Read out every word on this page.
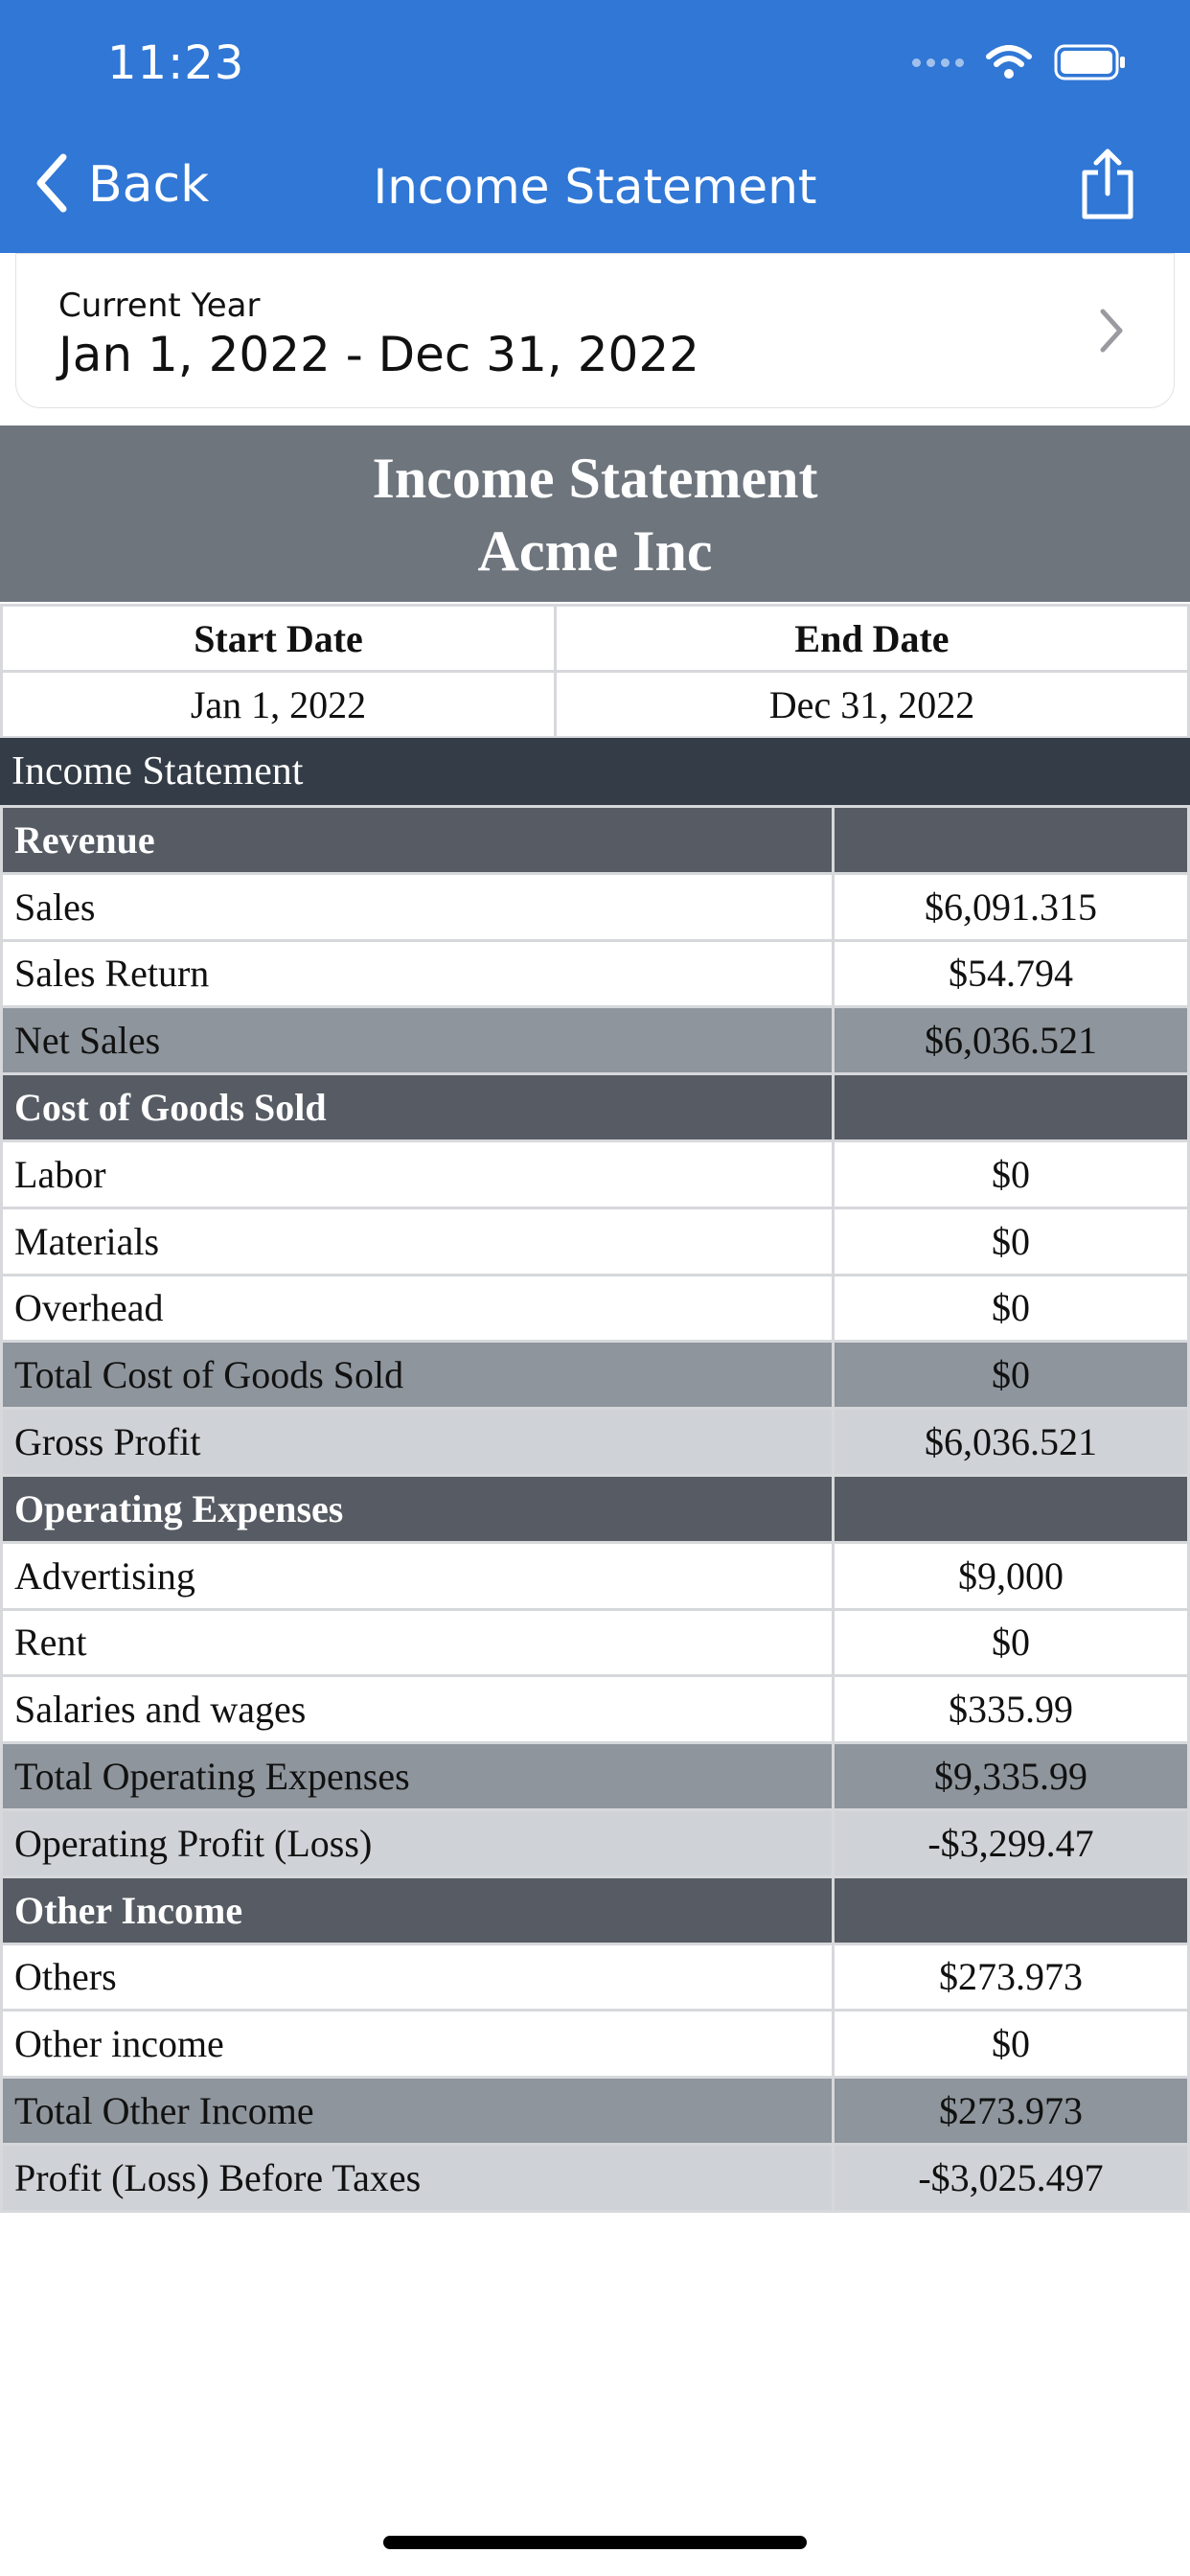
11:23
Back	Income Statement
Current Year
Jan 1, 2022 - Dec 31, 2022
Income Statement
Acme Inc
Start Date	End Date
Jan 1, 2022	Dec 31, 2022
Income Statement
Revenue	
Sales	$6,091.315
Sales Return	$54.794
Net Sales	$6,036.521
Cost of Goods Sold	
Labor	$0
Materials	$0
Overhead	$0
Total Cost of Goods Sold	$0
Gross Profit	$6,036.521
Operating Expenses	
Advertising	$9,000
Rent	$0
Salaries and wages	$335.99
Total Operating Expenses	$9,335.99
Operating Profit (Loss)	-$3,299.47
Other Income	
Others	$273.973
Other income	$0
Total Other Income	$273.973
Profit (Loss) Before Taxes	-$3,025.497
